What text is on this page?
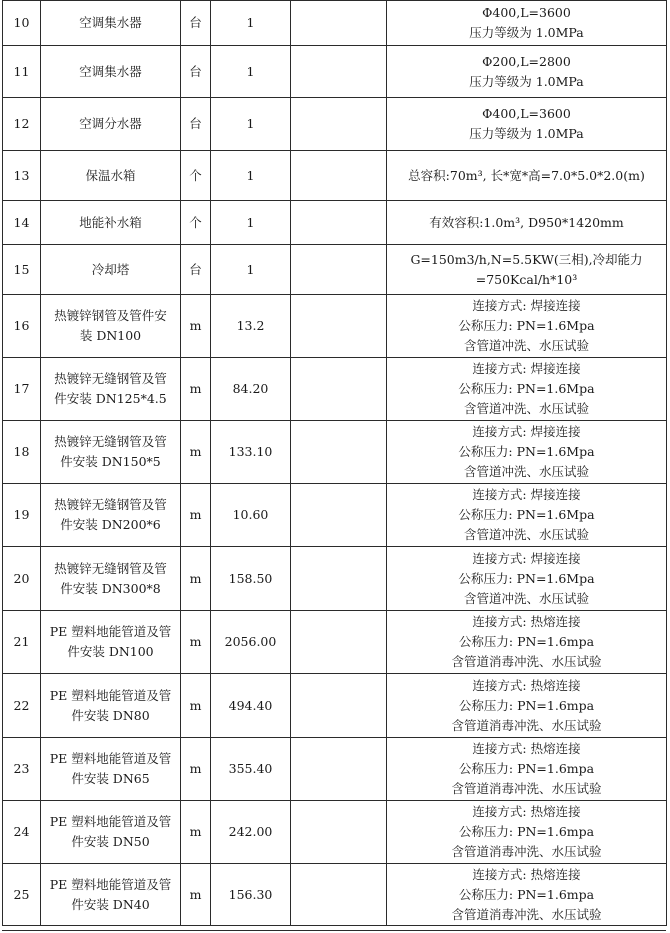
10	空调集水器	台	1		Φ400,L=3600
压力等级为 1.0MPa

11	空调集水器	台	1		Φ200,L=2800
压力等级为 1.0MPa

12	空调分水器	台	1		Φ400,L=3600
压力等级为 1.0MPa

13	保温水箱	个	1		总容积:70m³, 长*宽*高=7.0*5.0*2.0(m)

14	地能补水箱	个	1		有效容积:1.0m³, D950*1420mm

15	冷却塔	台	1		G=150m3/h,N=5.5KW(三相),冷却能力
=750Kcal/h*10³

16	热镀锌钢管及管件安
装 DN100	m	13.2		连接方式: 焊接连接
公称压力: PN=1.6Mpa
含管道冲洗、水压试验

17	热镀锌无缝钢管及管
件安装 DN125*4.5	m	84.20		连接方式: 焊接连接
公称压力: PN=1.6Mpa
含管道冲洗、水压试验

18	热镀锌无缝钢管及管
件安装 DN150*5	m	133.10		连接方式: 焊接连接
公称压力: PN=1.6Mpa
含管道冲洗、水压试验

19	热镀锌无缝钢管及管
件安装 DN200*6	m	10.60		连接方式: 焊接连接
公称压力: PN=1.6Mpa
含管道冲洗、水压试验

20	热镀锌无缝钢管及管
件安装 DN300*8	m	158.50		连接方式: 焊接连接
公称压力: PN=1.6Mpa
含管道冲洗、水压试验

21	PE 塑料地能管道及管
件安装 DN100	m	2056.00		连接方式: 热熔连接
公称压力: PN=1.6mpa
含管道消毒冲洗、水压试验

22	PE 塑料地能管道及管
件安装 DN80	m	494.40		连接方式: 热熔连接
公称压力: PN=1.6mpa
含管道消毒冲洗、水压试验

23	PE 塑料地能管道及管
件安装 DN65	m	355.40		连接方式: 热熔连接
公称压力: PN=1.6mpa
含管道消毒冲洗、水压试验

24	PE 塑料地能管道及管
件安装 DN50	m	242.00		连接方式: 热熔连接
公称压力: PN=1.6mpa
含管道消毒冲洗、水压试验

25	PE 塑料地能管道及管
件安装 DN40	m	156.30		连接方式: 热熔连接
公称压力: PN=1.6mpa
含管道消毒冲洗、水压试验
